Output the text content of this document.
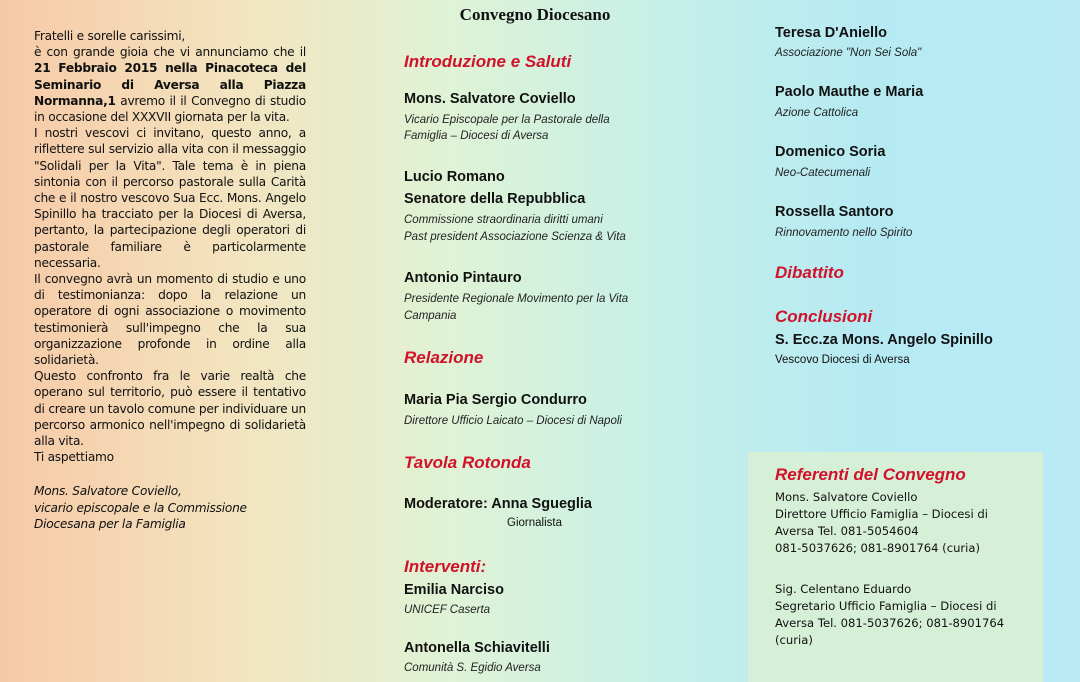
Convegno Diocesano

Fratelli e sorelle carissimi,

è con grande gioia che vi annunciamo che il 21 Febbraio 2015 nella Pinacoteca del Seminario di Aversa alla Piazza Normanna,1 avremo il il Convegno di studio in occasione del XXXVII giornata per la vita.

I nostri vescovi ci invitano, questo anno, a riflettere sul servizio alla vita con il messaggio "Solidali per la Vita". Tale tema è in piena sintonia con il percorso pastorale sulla Carità che e il nostro vescovo Sua Ecc. Mons. Angelo Spinillo ha tracciato per la Diocesi di Aversa, pertanto, la partecipazione degli operatori di pastorale familiare è particolarmente necessaria.

Il convegno avrà un momento di studio e uno di testimonianza: dopo la relazione un operatore di ogni associazione o movimento testimonierà sull'impegno che la sua organizzazione profonde in ordine alla solidarietà.

Questo confronto fra le varie realtà che operano sul territorio, può essere il tentativo di creare un tavolo comune per individuare un percorso armonico nell'impegno di solidarietà alla vita.

Ti aspettiamo

Mons. Salvatore Coviello,

vicario episcopale e la Commissione

Diocesana per la Famiglia

Introduzione e Saluti
Mons. Salvatore Coviello
Vicario Episcopale per la Pastorale della
Famiglia – Diocesi di Aversa
Lucio Romano
Senatore della Repubblica
Commissione straordinaria diritti umani
Past president Associazione Scienza & Vita
Antonio Pintauro
Presidente Regionale Movimento per la Vita
Campania
Relazione
Maria Pia Sergio Condurro
Direttore Ufficio Laicato – Diocesi di Napoli
Tavola Rotonda
Moderatore: Anna Sgueglia
Giornalista
Interventi:
Emilia Narciso
UNICEF Caserta
Antonella Schiavitelli
Comunità S. Egidio Aversa
Teresa D'Aniello
Associazione "Non Sei Sola"
Paolo Mauthe e Maria
Azione Cattolica
Domenico Soria
Neo-Catecumenali
Rossella Santoro
Rinnovamento nello Spirito
Dibattito
Conclusioni
S. Ecc.za Mons. Angelo Spinillo
Vescovo Diocesi di Aversa
Referenti del Convegno
Mons. Salvatore Coviello
Direttore Ufficio Famiglia – Diocesi di
Aversa Tel. 081-5054604
081-5037626; 081-8901764 (curia)
Sig. Celentano Eduardo
Segretario Ufficio Famiglia – Diocesi di
Aversa Tel. 081-5037626; 081-8901764
(curia)
